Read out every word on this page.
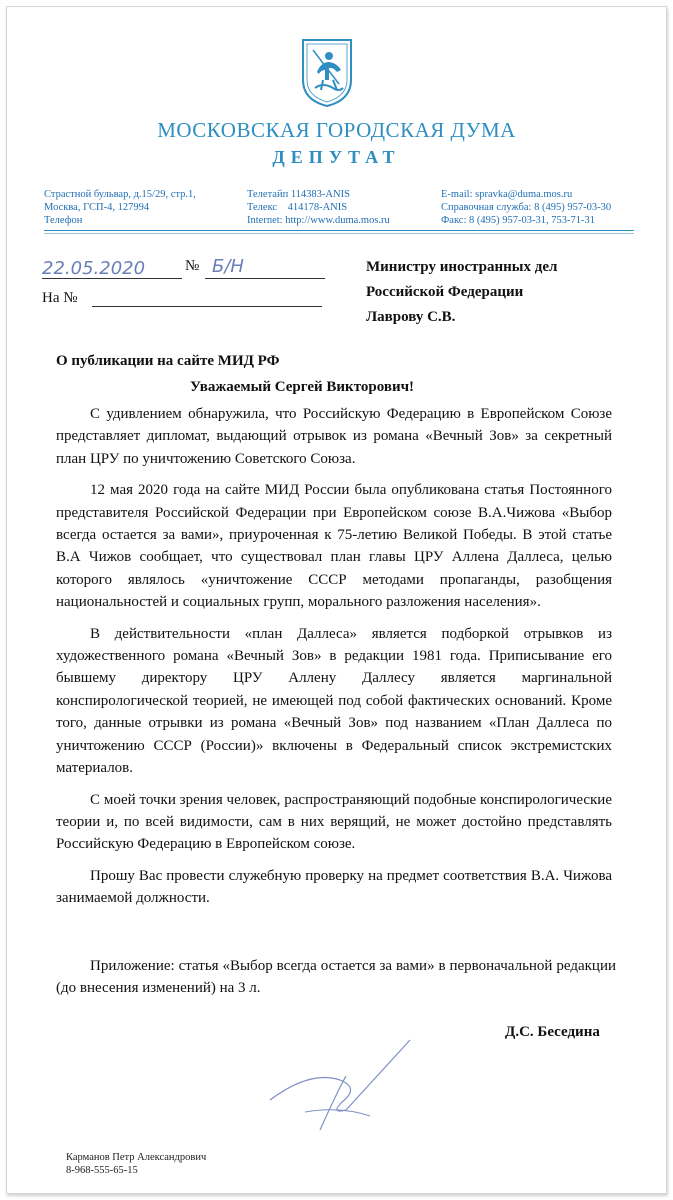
МОСКОВСКАЯ ГОРОДСКАЯ ДУМА
ДЕПУТАТ
Страстной бульвар, д.15/29, стр.1,
Москва, ГСП-4, 127994
Телефон
Телетайп 114383-ANIS
Телекс    414178-ANIS
Internet: http://www.duma.mos.ru
E-mail: spravka@duma.mos.ru
Справочная служба: 8 (495) 957-03-30
Факс: 8 (495) 957-03-31, 753-71-31
22.05.2020	№ Б/Н
На №
Министру иностранных дел
Российской Федерации
Лаврову С.В.
О публикации на сайте МИД РФ
Уважаемый Сергей Викторович!

С удивлением обнаружила, что Российскую Федерацию в Европейском Союзе представляет дипломат, выдающий отрывок из романа «Вечный Зов» за секретный план ЦРУ по уничтожению Советского Союза.

12 мая 2020 года на сайте МИД России была опубликована статья Постоянного представителя Российской Федерации при Европейском союзе В.А.Чижова «Выбор всегда остается за вами», приуроченная к 75-летию Великой Победы. В этой статье В.А Чижов сообщает, что существовал план главы ЦРУ Аллена Даллеса, целью которого являлось «уничтожение СССР методами пропаганды, разобщения национальностей и социальных групп, морального разложения населения».

В действительности «план Даллеса» является подборкой отрывков из художественного романа «Вечный Зов» в редакции 1981 года. Приписывание его бывшему директору ЦРУ Аллену Даллесу является маргинальной конспирологической теорией, не имеющей под собой фактических оснований. Кроме того, данные отрывки из романа «Вечный Зов» под названием «План Даллеса по уничтожению СССР (России)» включены в Федеральный список экстремистских материалов.

С моей точки зрения человек, распространяющий подобные конспирологические теории и, по всей видимости, сам в них верящий, не может достойно представлять Российскую Федерацию в Европейском союзе.

Прошу Вас провести служебную проверку на предмет соответствия В.А. Чижова занимаемой должности.

Приложение: статья «Выбор всегда остается за вами» в первоначальной редакции (до внесения изменений) на 3 л.

Д.С. Беседина
Карманов Петр Александрович
8-968-555-65-15
